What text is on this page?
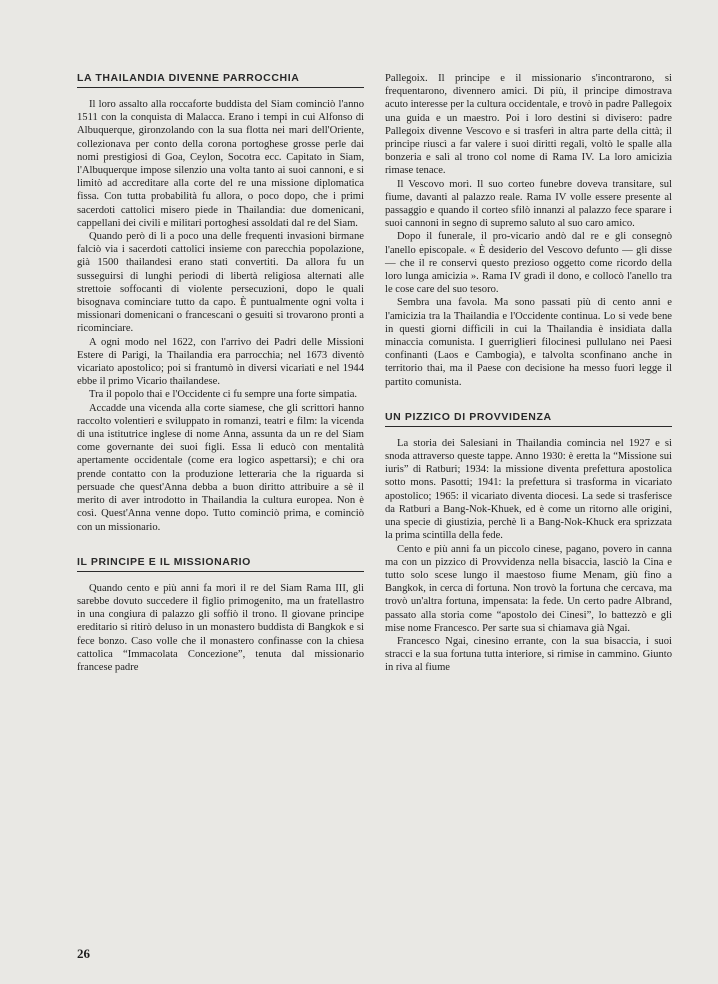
LA THAILANDIA DIVENNE PARROCCHIA

Il loro assalto alla roccaforte buddista del Siam cominciò l'anno 1511 con la conquista di Malacca. Erano i tempi in cui Alfonso di Albuquerque, gironzolando con la sua flotta nei mari dell'Oriente, collezionava per conto della corona portoghese grosse perle dai nomi prestigiosi di Goa, Ceylon, Socotra ecc. Capitato in Siam, l'Albuquerque impose silenzio una volta tanto ai suoi cannoni, e si limitò ad accreditare alla corte del re una missione diplomatica fissa. Con tutta probabilità fu allora, o poco dopo, che i primi sacerdoti cattolici misero piede in Thailandia: due domenicani, cappellani dei civili e militari portoghesi assoldati dal re del Siam.

Quando però di lì a poco una delle frequenti invasioni birmane falciò via i sacerdoti cattolici insieme con parecchia popolazione, già 1500 thailandesi erano stati convertiti. Da allora fu un susseguirsi di lunghi periodi di libertà religiosa alternati alle strettoie soffocanti di violente persecuzioni, dopo le quali bisognava cominciare tutto da capo. È puntualmente ogni volta i missionari domenicani o francescani o gesuiti si trovarono pronti a ricominciare.

A ogni modo nel 1622, con l'arrivo dei Padri delle Missioni Estere di Parigi, la Thailandia era parrocchia; nel 1673 diventò vicariato apostolico; poi si frantumò in diversi vicariati e nel 1944 ebbe il primo Vicario thailandese.

Tra il popolo thai e l'Occidente ci fu sempre una forte simpatia.

Accadde una vicenda alla corte siamese, che gli scrittori hanno raccolto volentieri e sviluppato in romanzi, teatri e film: la vicenda di una istitutrice inglese di nome Anna, assunta da un re del Siam come governante dei suoi figli. Essa li educò con mentalità apertamente occidentale (come era logico aspettarsi); e chi ora prende contatto con la produzione letteraria che la riguarda si persuade che quest'Anna debba a buon diritto attribuire a sè il merito di aver introdotto in Thailandia la cultura europea. Non è così. Quest'Anna venne dopo. Tutto cominciò prima, e cominciò con un missionario.

IL PRINCIPE E IL MISSIONARIO

Quando cento e più anni fa morì il re del Siam Rama III, gli sarebbe dovuto succedere il figlio primogenito, ma un fratellastro in una congiura di palazzo gli soffiò il trono. Il giovane principe ereditario si ritirò deluso in un monastero buddista di Bangkok e si fece bonzo. Caso volle che il monastero confinasse con la chiesa cattolica “Immacolata Concezione”, tenuta dal missionario francese padre

Pallegoix. Il principe e il missionario s'incontrarono, si frequentarono, divennero amici. Di più, il principe dimostrava acuto interesse per la cultura occidentale, e trovò in padre Pallegoix una guida e un maestro. Poi i loro destini si divisero: padre Pallegoix divenne Vescovo e si trasferì in altra parte della città; il principe riuscì a far valere i suoi diritti regali, voltò le spalle alla bonzeria e salì al trono col nome di Rama IV. La loro amicizia rimase tenace.

Il Vescovo morì. Il suo corteo funebre doveva transitare, sul fiume, davanti al palazzo reale. Rama IV volle essere presente al passaggio e quando il corteo sfilò innanzi al palazzo fece sparare i suoi cannoni in segno di supremo saluto al suo caro amico.

Dopo il funerale, il pro-vicario andò dal re e gli consegnò l'anello episcopale. « È desiderio del Vescovo defunto — gli disse — che il re conservi questo prezioso oggetto come ricordo della loro lunga amicizia ». Rama IV gradì il dono, e collocò l'anello tra le cose care del suo tesoro.

Sembra una favola. Ma sono passati più di cento anni e l'amicizia tra la Thailandia e l'Occidente continua. Lo si vede bene in questi giorni difficili in cui la Thailandia è insidiata dalla minaccia comunista. I guerriglieri filocinesi pullulano nei Paesi confinanti (Laos e Cambogia), e talvolta sconfinano anche in territorio thai, ma il Paese con decisione ha messo fuori legge il partito comunista.

UN PIZZICO DI PROVVIDENZA

La storia dei Salesiani in Thailandia comincia nel 1927 e si snoda attraverso queste tappe. Anno 1930: è eretta la “Missione sui iuris” di Ratburi; 1934: la missione diventa prefettura apostolica sotto mons. Pasotti; 1941: la prefettura si trasforma in vicariato apostolico; 1965: il vicariato diventa diocesi. La sede si trasferisce da Ratburi a Bang-Nok-Khuek, ed è come un ritorno alle origini, una specie di giustizia, perchè lì a Bang-Nok-Khuck era sprizzata la prima scintilla della fede.

Cento e più anni fa un piccolo cinese, pagano, povero in canna ma con un pizzico di Provvidenza nella bisaccia, lasciò la Cina e tutto solo scese lungo il maestoso fiume Menam, giù fino a Bangkok, in cerca di fortuna. Non trovò la fortuna che cercava, ma trovò un'altra fortuna, impensata: la fede. Un certo padre Albrand, passato alla storia come “apostolo dei Cinesi”, lo battezzò e gli mise nome Francesco. Per sarte sua si chiamava già Ngai.

Francesco Ngai, cinesino errante, con la sua bisaccia, i suoi stracci e la sua fortuna tutta interiore, si rimise in cammino. Giunto in riva al fiume

26
